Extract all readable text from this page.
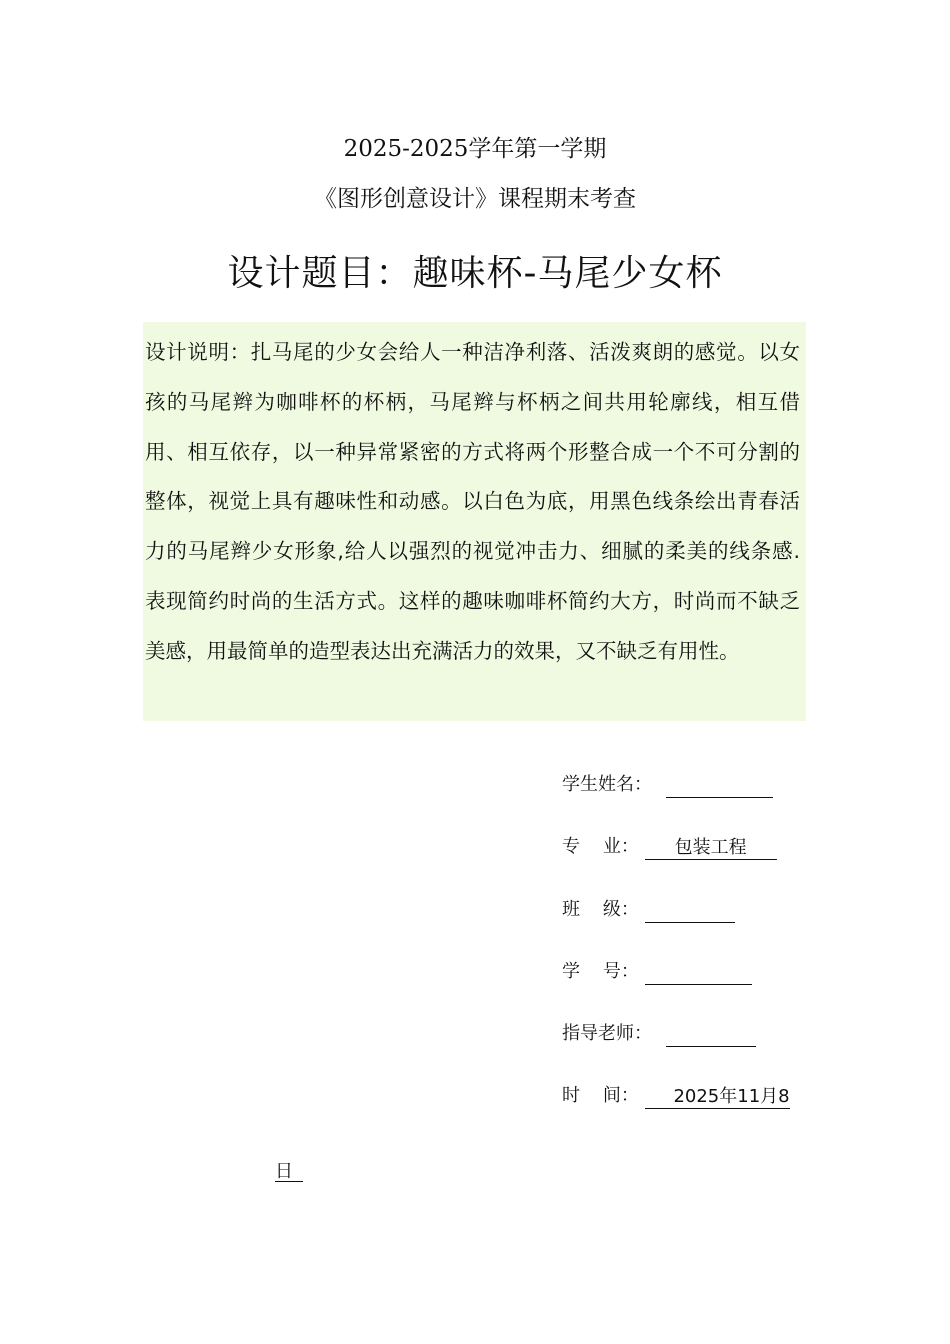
2025-2025学年第一学期
《图形创意设计》课程期末考查
设计题目：趣味杯-马尾少女杯

设计说明：扎马尾的少女会给人一种洁净利落、活泼爽朗的感觉。以女孩的马尾辫为咖啡杯的杯柄，马尾辫与杯柄之间共用轮廓线，相互借用、相互依存，以一种异常紧密的方式将两个形整合成一个不可分割的整体，视觉上具有趣味性和动感。以白色为底，用黑色线条绘出青春活力的马尾辫少女形象,给人以强烈的视觉冲击力、细腻的柔美的线条感. 表现简约时尚的生活方式。这样的趣味咖啡杯简约大方，时尚而不缺乏美感，用最简单的造型表达出充满活力的效果，又不缺乏有用性。

学生姓名：
专    业： 包装工程
班    级：
学    号：
指导老师：
时    间： 2025年11月8
日
